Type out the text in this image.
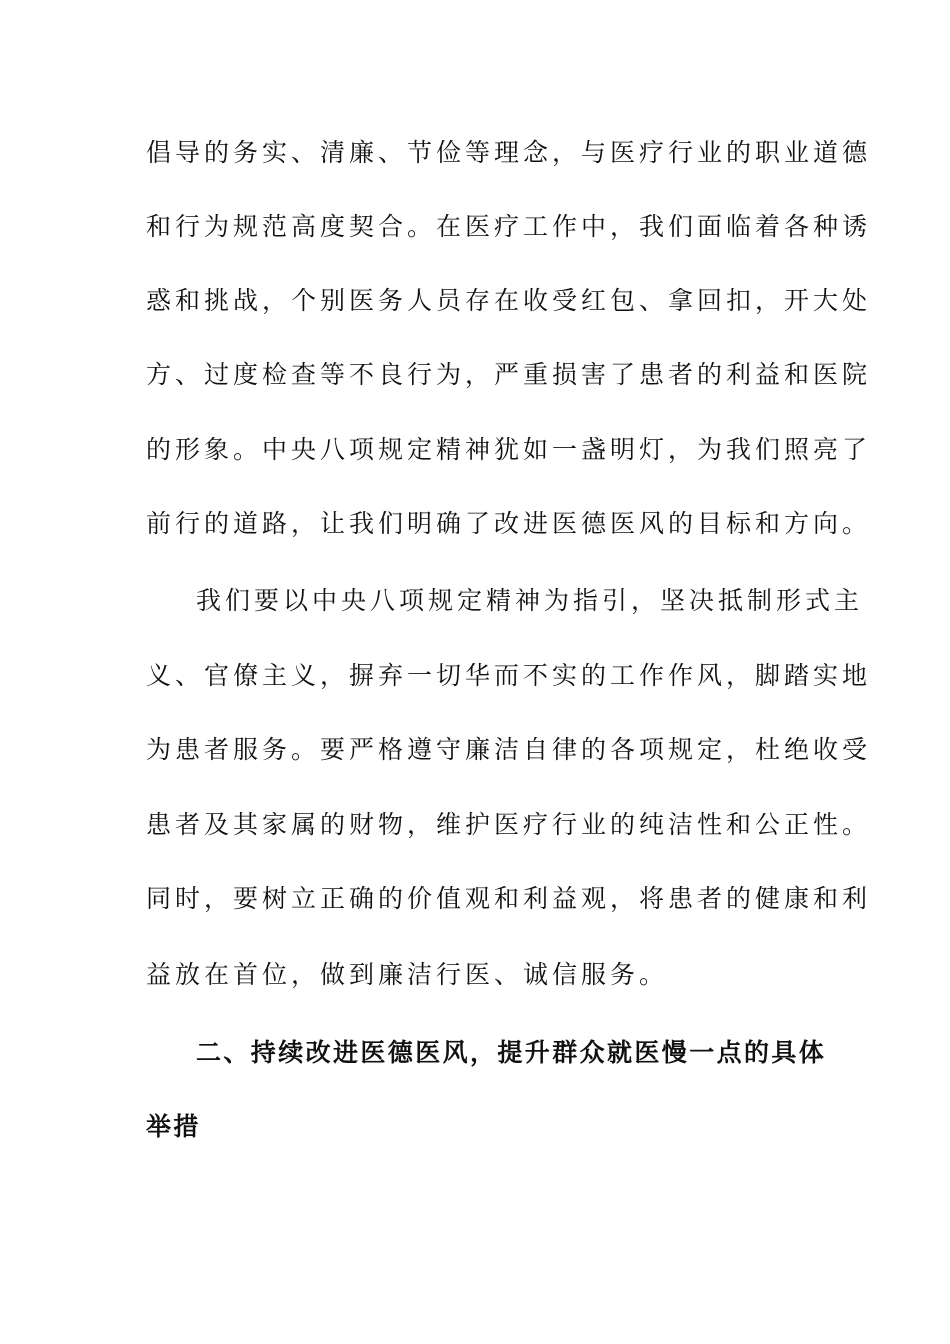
倡导的务实、清廉、节俭等理念，与医疗行业的职业道德
和行为规范高度契合。在医疗工作中，我们面临着各种诱
惑和挑战，个别医务人员存在收受红包、拿回扣，开大处
方、过度检查等不良行为，严重损害了患者的利益和医院
的形象。中央八项规定精神犹如一盏明灯，为我们照亮了
前行的道路，让我们明确了改进医德医风的目标和方向。
我们要以中央八项规定精神为指引，坚决抵制形式主
义、官僚主义，摒弃一切华而不实的工作作风，脚踏实地
为患者服务。要严格遵守廉洁自律的各项规定，杜绝收受
患者及其家属的财物，维护医疗行业的纯洁性和公正性。
同时，要树立正确的价值观和利益观，将患者的健康和利
益放在首位，做到廉洁行医、诚信服务。
二、持续改进医德医风，提升群众就医慢一点的具体
举措
